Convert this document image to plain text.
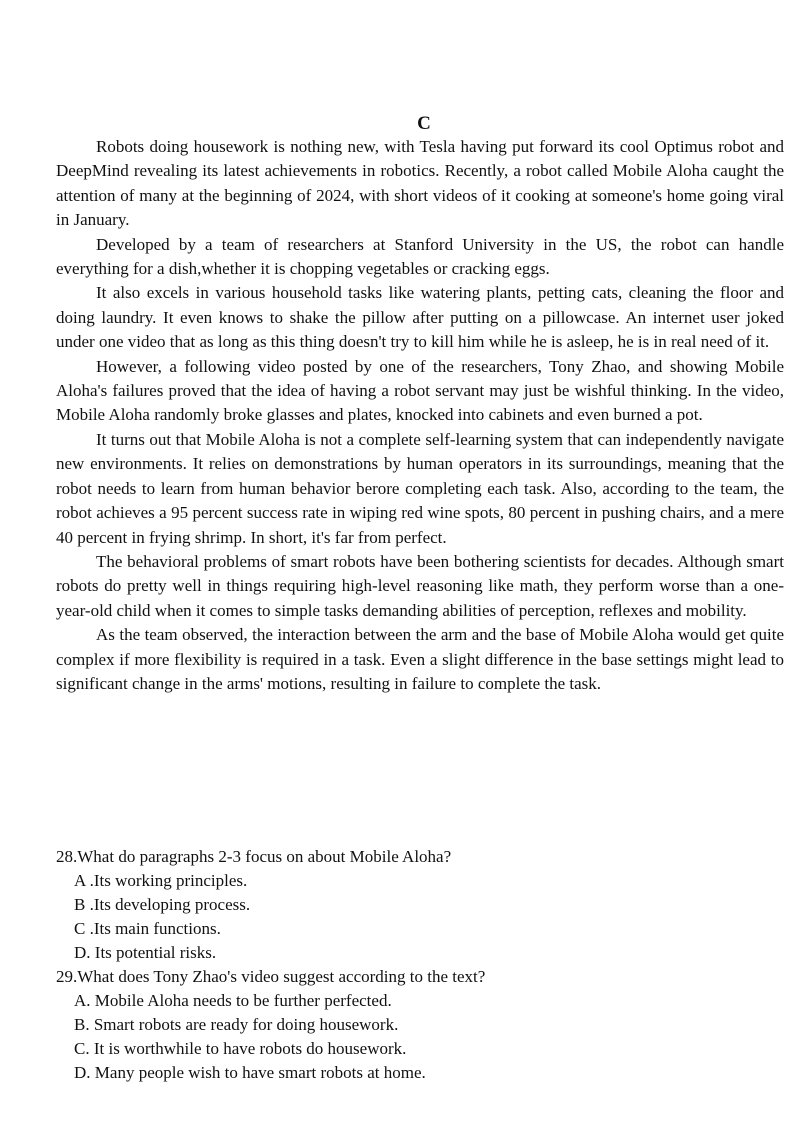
C

Robots doing housework is nothing new, with Tesla having put forward its cool Optimus robot and DeepMind revealing its latest achievements in robotics. Recently, a robot called Mobile Aloha caught the attention of many at the beginning of 2024, with short videos of it cooking at someone's home going viral in January.

Developed by a team of researchers at Stanford University in the US, the robot can handle everything for a dish,whether it is chopping vegetables or cracking eggs.

It also excels in various household tasks like watering plants, petting cats, cleaning the floor and doing laundry. It even knows to shake the pillow after putting on a pillowcase. An internet user joked under one video that as long as this thing doesn't try to kill him while he is asleep, he is in real need of it.

However, a following video posted by one of the researchers, Tony Zhao, and showing Mobile Aloha's failures proved that the idea of having a robot servant may just be wishful thinking. In the video, Mobile Aloha randomly broke glasses and plates, knocked into cabinets and even burned a pot.

It turns out that Mobile Aloha is not a complete self-learning system that can independently navigate new environments. It relies on demonstrations by human operators in its surroundings, meaning that the robot needs to learn from human behavior berore completing each task. Also, according to the team, the robot achieves a 95 percent success rate in wiping red wine spots, 80 percent in pushing chairs, and a mere 40 percent in frying shrimp. In short, it's far from perfect.

The behavioral problems of smart robots have been bothering scientists for decades. Although smart robots do pretty well in things requiring high-level reasoning like math, they perform worse than a one-year-old child when it comes to simple tasks demanding abilities of perception, reflexes and mobility.

As the team observed, the interaction between the arm and the base of Mobile Aloha would get quite complex if more flexibility is required in a task. Even a slight difference in the base settings might lead to significant change in the arms' motions, resulting in failure to complete the task.

28.What do paragraphs 2-3 focus on about Mobile Aloha?

A .Its working principles.

B .Its developing process.

C .Its main functions.

D. Its potential risks.

29.What does Tony Zhao's video suggest according to the text?

A. Mobile Aloha needs to be further perfected.

B. Smart robots are ready for doing housework.

C. It is worthwhile to have robots do housework.

D. Many people wish to have smart robots at home.
